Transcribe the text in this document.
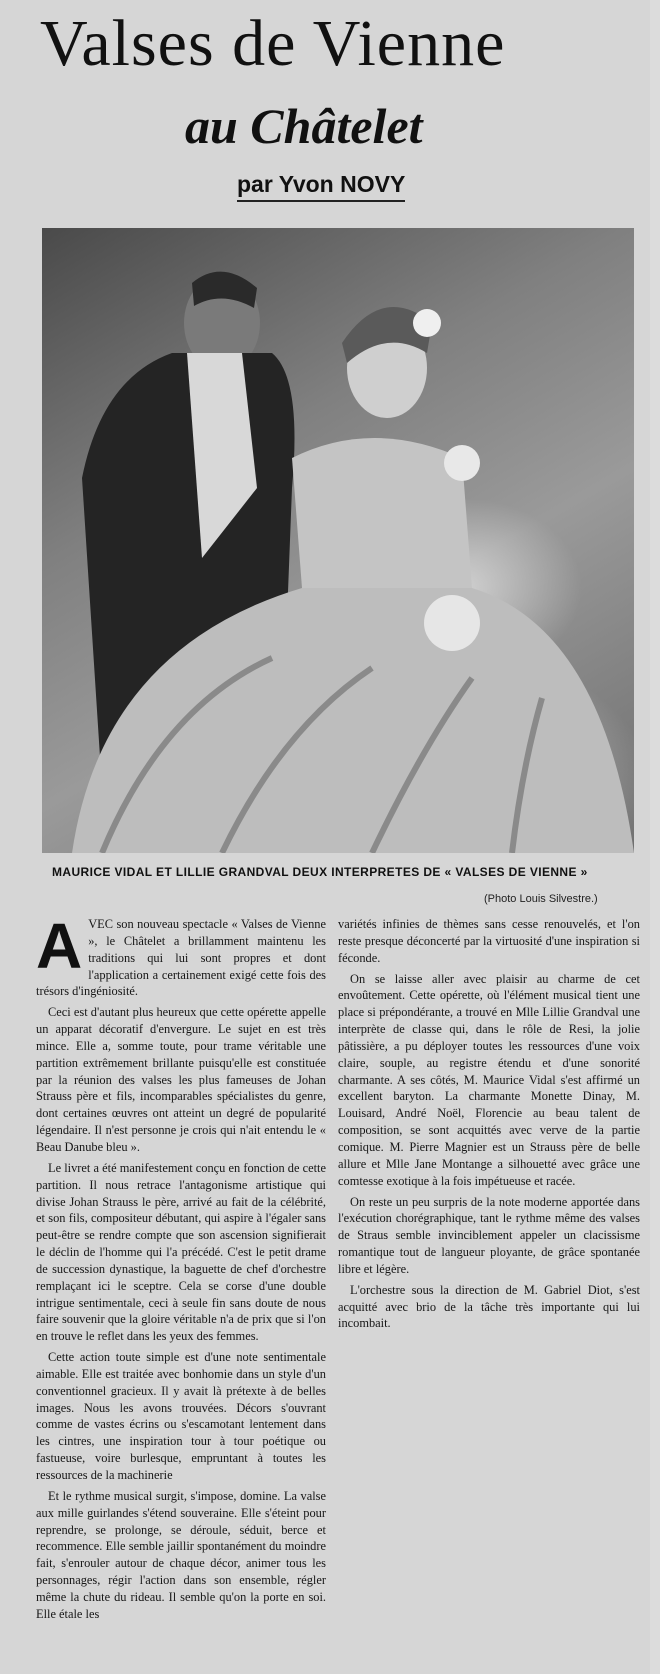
Valses de Vienne
au Châtelet
par Yvon NOVY
MAURICE VIDAL ET LILLIE GRANDVAL DEUX INTERPRETES DE « VALSES DE VIENNE »
(Photo Louis Silvestre.)

AVEC son nouveau spectacle « Valses de Vienne », le Châtelet a brillamment maintenu les traditions qui lui sont propres et dont l'application a certainement exigé cette fois des trésors d'ingéniosité.

Ceci est d'autant plus heureux que cette opérette appelle un apparat décoratif d'envergure. Le sujet en est très mince. Elle a, somme toute, pour trame véritable une partition extrêmement brillante puisqu'elle est constituée par la réunion des valses les plus fameuses de Johan Strauss père et fils, incomparables spécialistes du genre, dont certaines œuvres ont atteint un degré de popularité légendaire. Il n'est personne je crois qui n'ait entendu le « Beau Danube bleu ».

Le livret a été manifestement conçu en fonction de cette partition. Il nous retrace l'antagonisme artistique qui divise Johan Strauss le père, arrivé au fait de la célébrité, et son fils, compositeur débutant, qui aspire à l'égaler sans peut-être se rendre compte que son ascension signifierait le déclin de l'homme qui l'a précédé. C'est le petit drame de succession dynastique, la baguette de chef d'orchestre remplaçant ici le sceptre. Cela se corse d'une double intrigue sentimentale, ceci à seule fin sans doute de nous faire souvenir que la gloire véritable n'a de prix que si l'on en trouve le reflet dans les yeux des femmes.

Cette action toute simple est d'une note sentimentale aimable. Elle est traitée avec bonhomie dans un style d'un conventionnel gracieux. Il y avait là prétexte à de belles images. Nous les avons trouvées. Décors s'ouvrant comme de vastes écrins ou s'escamotant lentement dans les cintres, une inspiration tour à tour poétique ou fastueuse, voire burlesque, empruntant à toutes les ressources de la machinerie

Et le rythme musical surgit, s'impose, domine. La valse aux mille guirlandes s'étend souveraine. Elle s'éteint pour reprendre, se prolonge, se déroule, séduit, berce et recommence. Elle semble jaillir spontanément du moindre fait, s'enrouler autour de chaque décor, animer tous les personnages, régir l'action dans son ensemble, régler même la chute du rideau. Il semble qu'on la porte en soi. Elle étale les

variétés infinies de thèmes sans cesse renouvelés, et l'on reste presque déconcerté par la virtuosité d'une inspiration si féconde.

On se laisse aller avec plaisir au charme de cet envoûtement. Cette opérette, où l'élément musical tient une place si prépondérante, a trouvé en Mlle Lillie Grandval une interprète de classe qui, dans le rôle de Resi, la jolie pâtissière, a pu déployer toutes les ressources d'une voix claire, souple, au registre étendu et d'une sonorité charmante. A ses côtés, M. Maurice Vidal s'est affirmé un excellent baryton. La charmante Monette Dinay, M. Louisard, André Noël, Florencie au beau talent de composition, se sont acquittés avec verve de la partie comique. M. Pierre Magnier est un Strauss père de belle allure et Mlle Jane Montange a silhouetté avec grâce une comtesse exotique à la fois impétueuse et racée.

On reste un peu surpris de la note moderne apportée dans l'exécution chorégraphique, tant le rythme même des valses de Straus semble invinciblement appeler un clacissisme romantique tout de langueur ployante, de grâce spontanée libre et légère.

L'orchestre sous la direction de M. Gabriel Diot, s'est acquitté avec brio de la tâche très importante qui lui incombait.
